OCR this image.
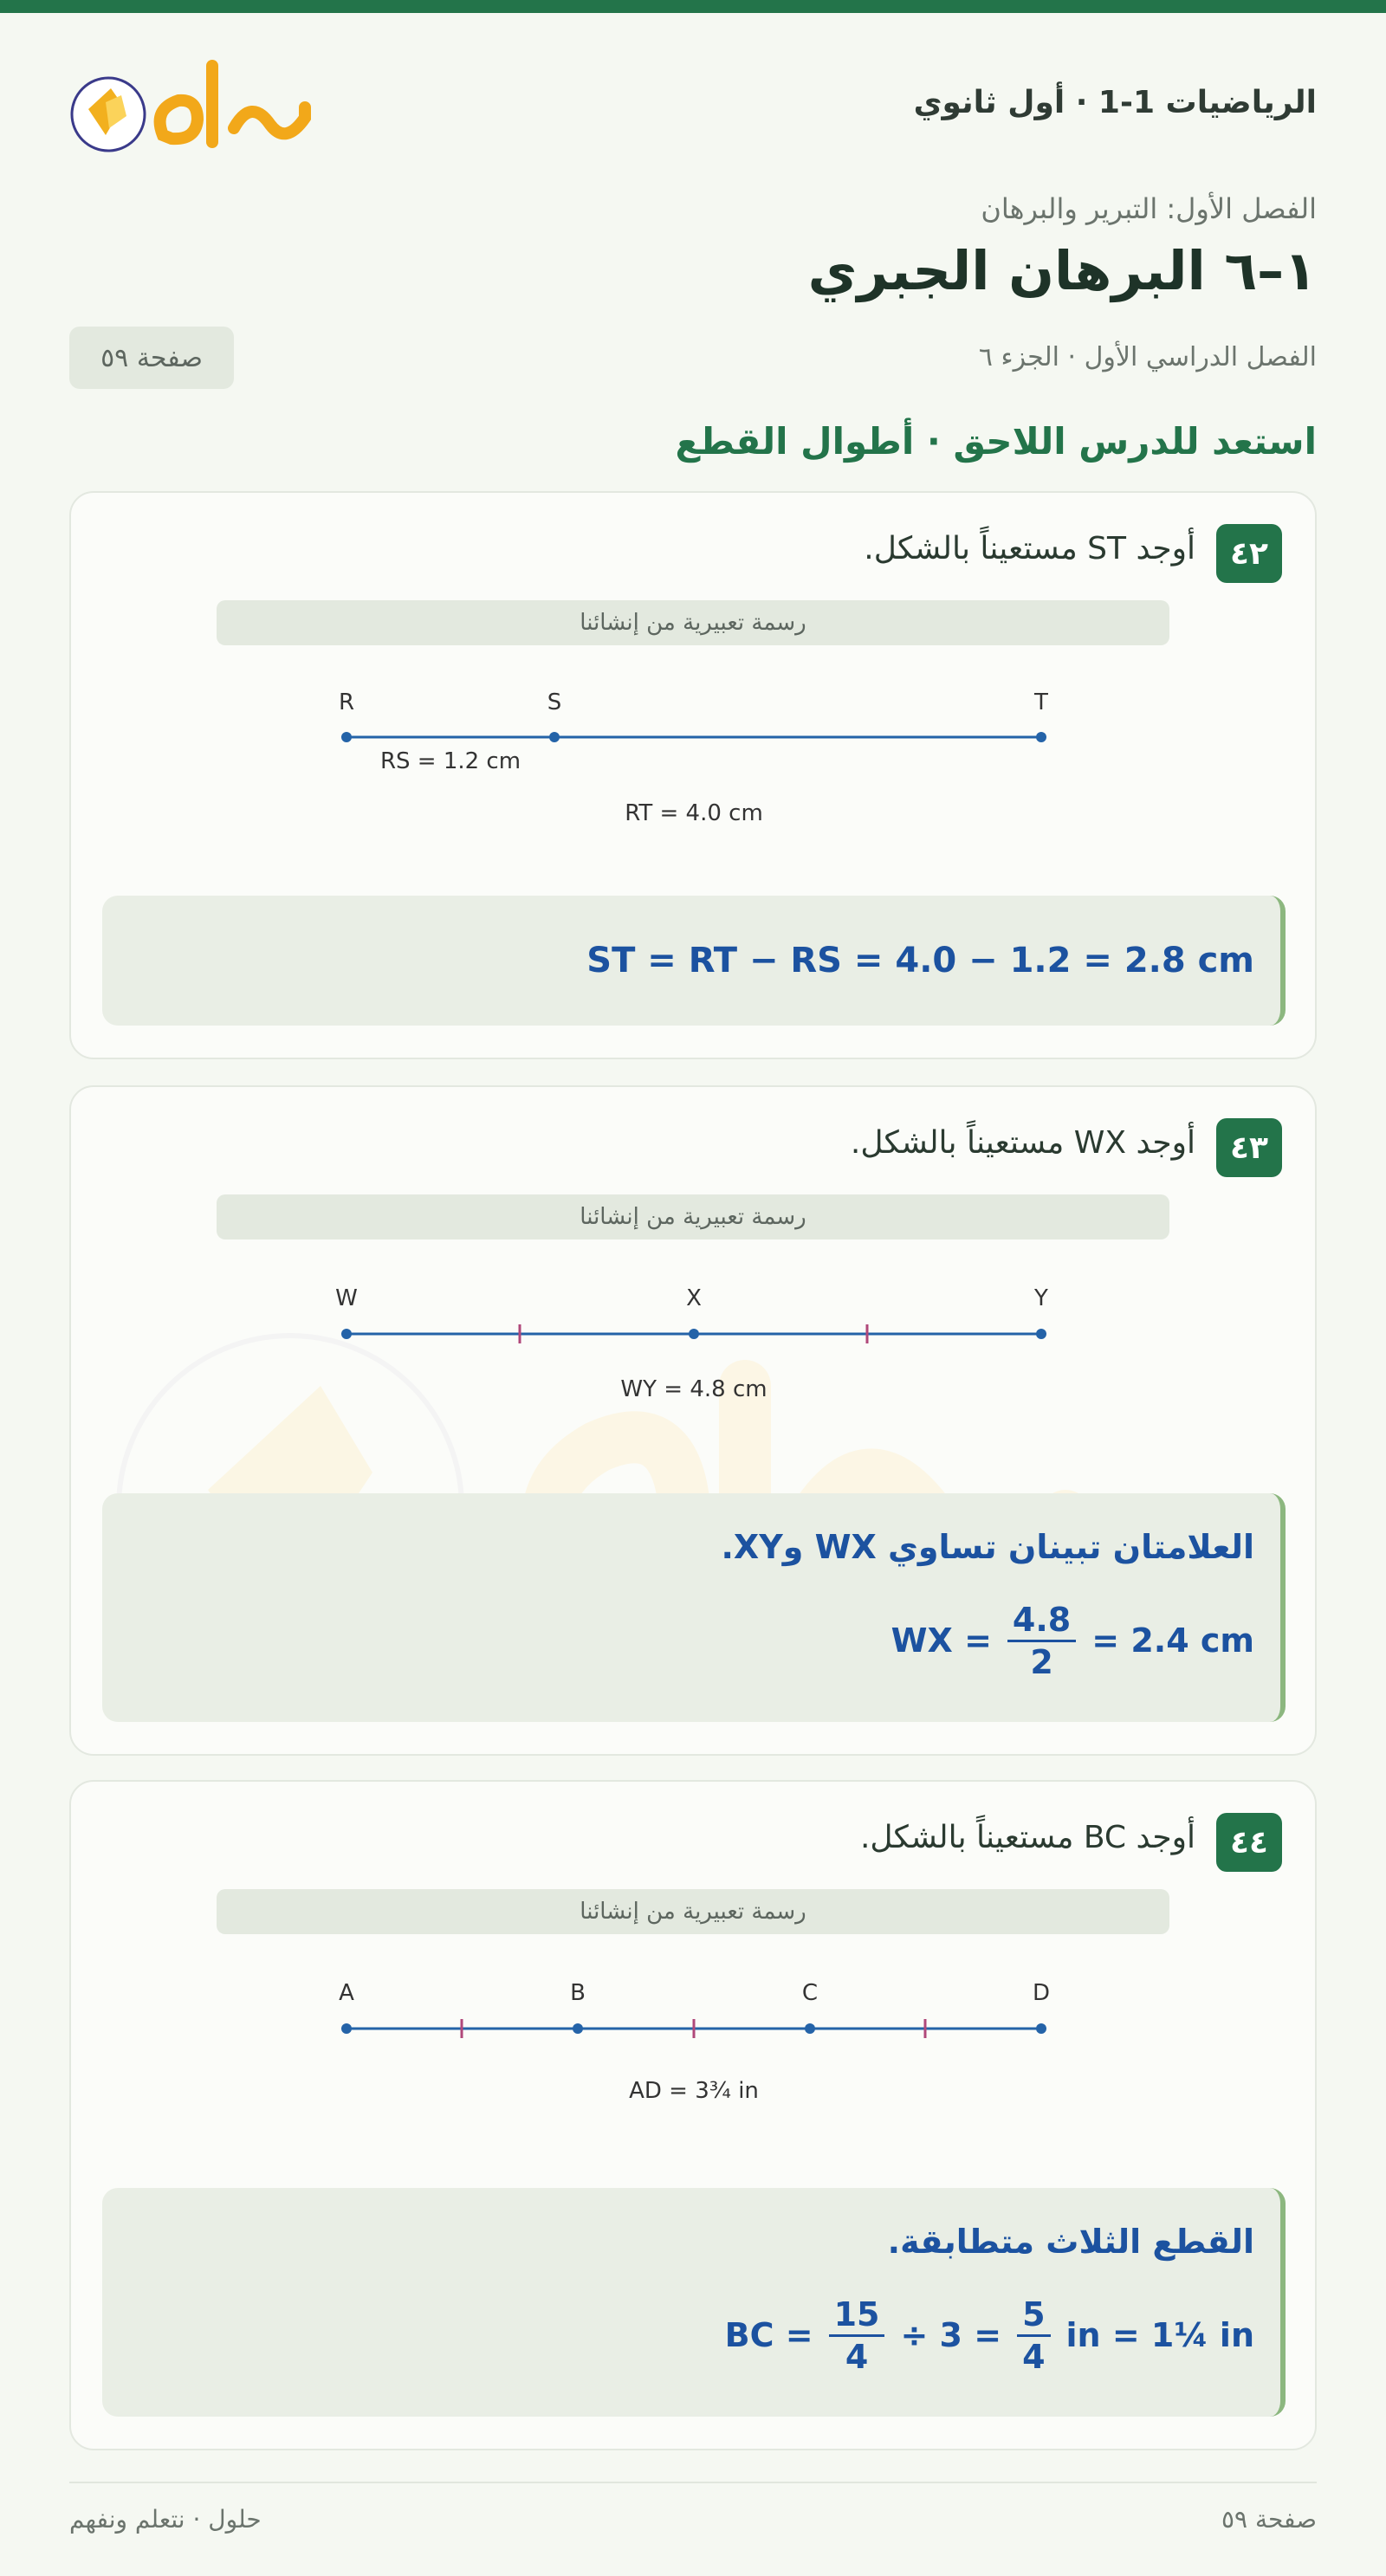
الرياضيات 1-1 · أول ثانوي
الفصل الأول: التبرير والبرهان
١–٦ البرهان الجبري
الفصل الدراسي الأول · الجزء ٦
صفحة ٥٩
استعد للدرس اللاحق · أطوال القطع
٤٢
أوجد ST مستعيناً بالشكل.
رسمة تعبيرية من إنشائنا
R	S	T
RS = 1.2 cm
RT = 4.0 cm
ST = RT − RS = 4.0 − 1.2 = 2.8 cm
٤٣
أوجد WX مستعيناً بالشكل.
رسمة تعبيرية من إنشائنا
W	X	Y
WY = 4.8 cm
العلامتان تبينان تساوي WX وXY.
WX = $\frac{4.8}{2} = 2.4$ cm
٤٤
أوجد BC مستعيناً بالشكل.
رسمة تعبيرية من إنشائنا
A	B	C	D
AD = 3¾ in
القطع الثلاث متطابقة.
BC = $\frac{15}{4} \div 3 = \frac{5}{4}$ in = 1¼ in
صفحة ٥٩
حلول · نتعلم ونفهم
